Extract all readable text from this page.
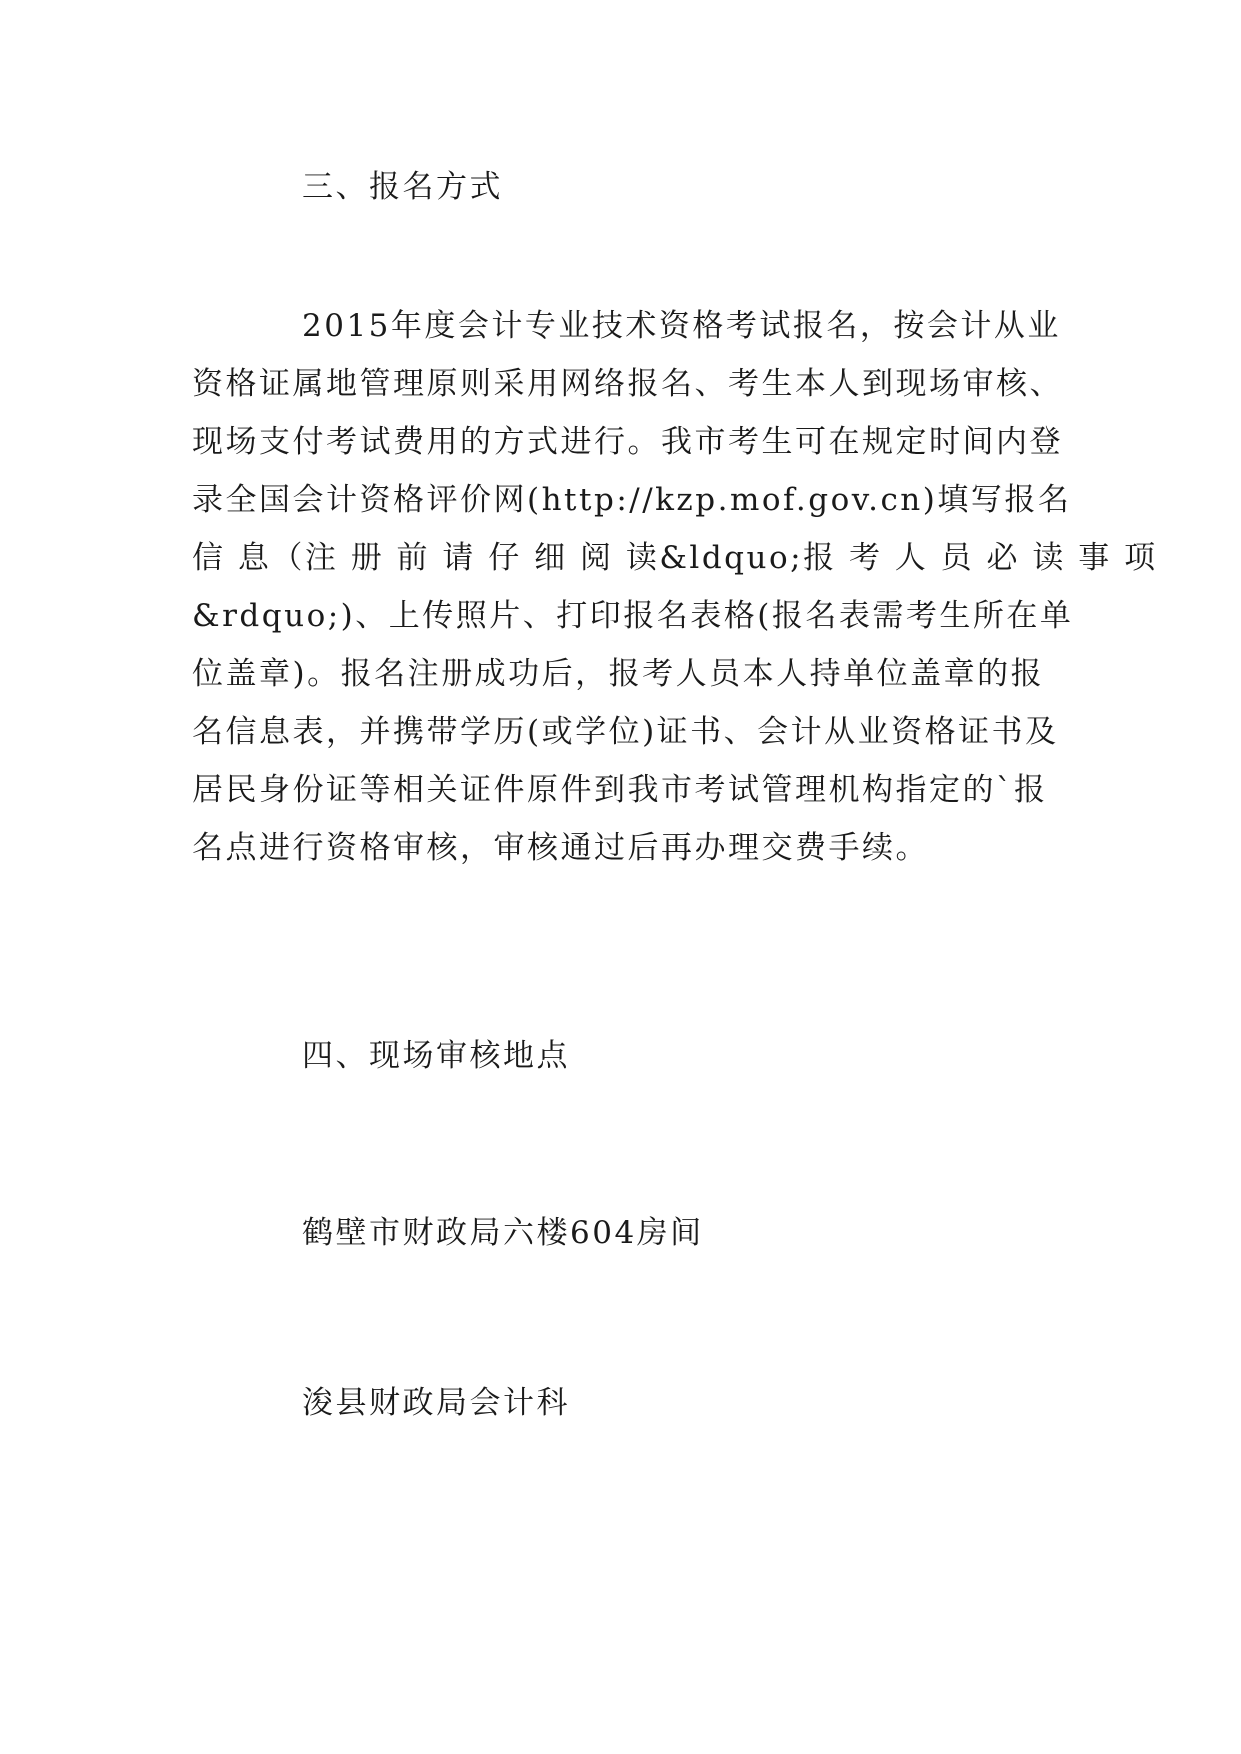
三、报名方式
2015年度会计专业技术资格考试报名，按会计从业
资格证属地管理原则采用网络报名、考生本人到现场审核、
现场支付考试费用的方式进行。我市考生可在规定时间内登
录全国会计资格评价网(http://kzp.mof.gov.cn)填写报名
信 息（注 册 前 请 仔 细 阅 读&ldquo;报 考 人 员 必 读 事 项
&rdquo;)、上传照片、打印报名表格(报名表需考生所在单
位盖章)。报名注册成功后，报考人员本人持单位盖章的报
名信息表，并携带学历(或学位)证书、会计从业资格证书及
居民身份证等相关证件原件到我市考试管理机构指定的`报
名点进行资格审核，审核通过后再办理交费手续。
四、现场审核地点
鹤壁市财政局六楼604房间
浚县财政局会计科
